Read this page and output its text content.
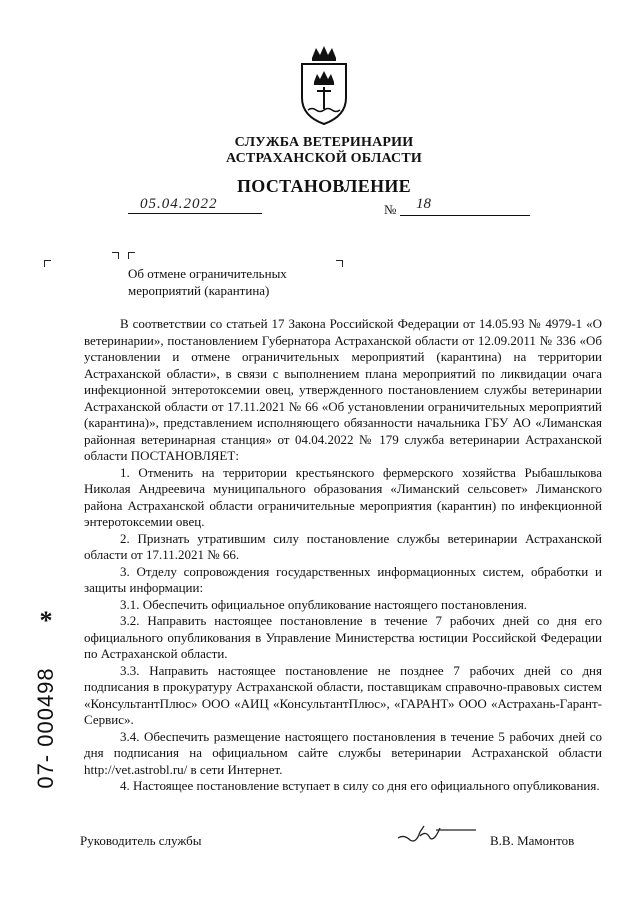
СЛУЖБА ВЕТЕРИНАРИИ
АСТРАХАНСКОЙ ОБЛАСТИ
ПОСТАНОВЛЕНИЕ
05.04.2022	№ 18
Об отмене ограничительных
мероприятий (карантина)

В соответствии со статьей 17 Закона Российской Федерации от 14.05.93 № 4979-1 «О ветеринарии», постановлением Губернатора Астраханской области от 12.09.2011 № 336 «Об установлении и отмене ограничительных мероприятий (карантина) на территории Астраханской области», в связи с выполнением плана мероприятий по ликвидации очага инфекционной энтеротоксемии овец, утвержденного постановлением службы ветеринарии Астраханской области от 17.11.2021 № 66 «Об установлении ограничительных мероприятий (карантина)», представлением исполняющего обязанности начальника ГБУ АО «Лиманская районная ветеринарная станция» от 04.04.2022 № 179 служба ветеринарии Астраханской области ПОСТАНОВЛЯЕТ:

1. Отменить на территории крестьянского фермерского хозяйства Рыбашлыкова Николая Андреевича муниципального образования «Лиманский сельсовет» Лиманского района Астраханской области ограничительные мероприятия (карантин) по инфекционной энтеротоксемии овец.

2. Признать утратившим силу постановление службы ветеринарии Астраханской области от 17.11.2021 № 66.

3. Отделу сопровождения государственных информационных систем, обработки и защиты информации:

3.1. Обеспечить официальное опубликование настоящего постановления.

3.2. Направить настоящее постановление в течение 7 рабочих дней со дня его официального опубликования в Управление Министерства юстиции Российской Федерации по Астраханской области.

3.3. Направить настоящее постановление не позднее 7 рабочих дней со дня подписания в прокуратуру Астраханской области, поставщикам справочно-правовых систем «КонсультантПлюс» ООО «АИЦ «КонсультантПлюс», «ГАРАНТ» ООО «Астрахань-Гарант-Сервис».

3.4. Обеспечить размещение настоящего постановления в течение 5 рабочих дней со дня подписания на официальном сайте службы ветеринарии Астраханской области http://vet.astrobl.ru/ в сети Интернет.

4. Настоящее постановление вступает в силу со дня его официального опубликования.

*
07- 000498
Руководитель службы	В.В. Мамонтов
